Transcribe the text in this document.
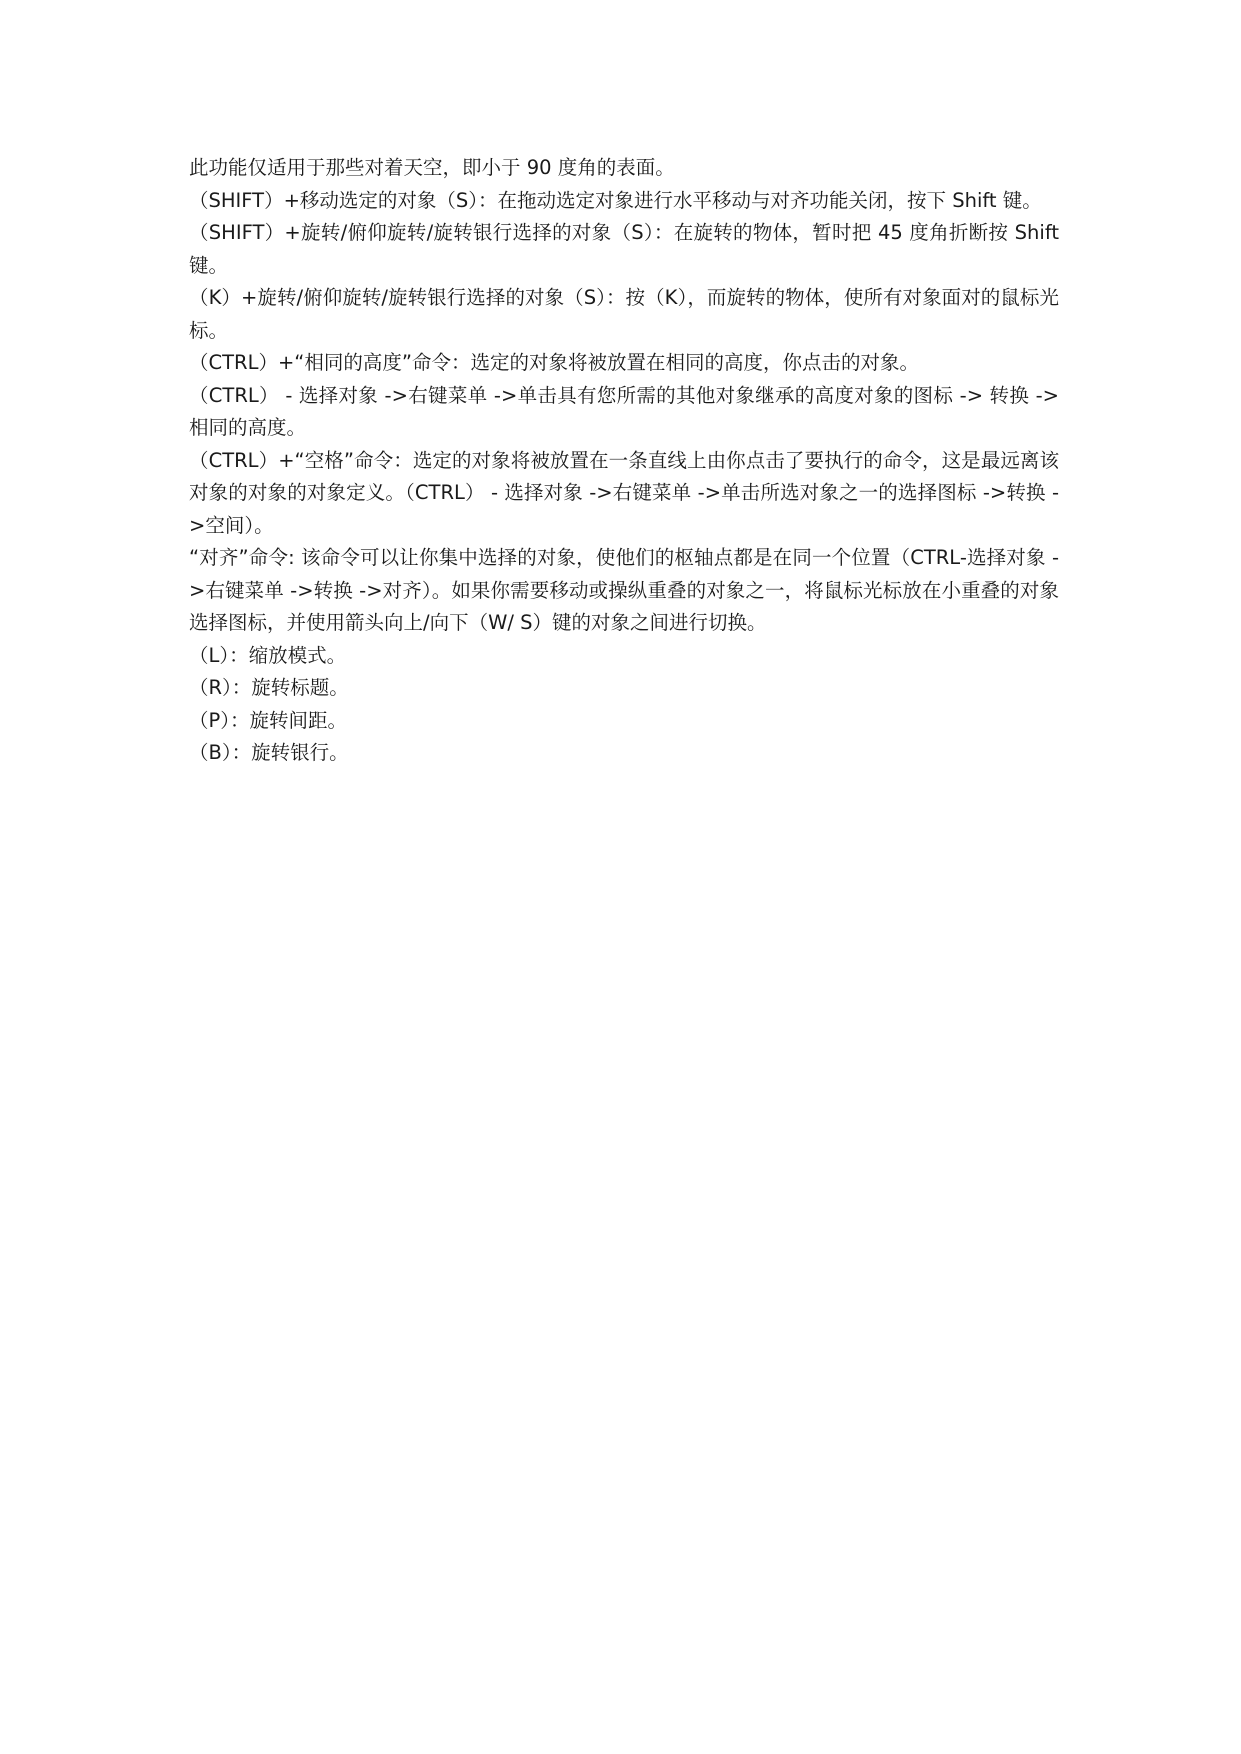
此功能仅适用于那些对着天空，即小于 90 度角的表面。

（SHIFT）+移动选定的对象（S）：在拖动选定对象进行水平移动与对齐功能关闭，按下 Shift 键。

（SHIFT）+旋转/俯仰旋转/旋转银行选择的对象（S）：在旋转的物体，暂时把 45 度角折断按 Shift 键。

（K）+旋转/俯仰旋转/旋转银行选择的对象（S）：按（K），而旋转的物体，使所有对象面对的鼠标光标。

（CTRL）+“相同的高度”命令：选定的对象将被放置在相同的高度，你点击的对象。

（CTRL） - 选择对象 ->右键菜单 ->单击具有您所需的其他对象继承的高度对象的图标 -> 转换 ->相同的高度。

（CTRL）+“空格”命令：选定的对象将被放置在一条直线上由你点击了要执行的命令，这是最远离该对象的对象的对象定义。（CTRL） - 选择对象 ->右键菜单 ->单击所选对象之一的选择图标 ->转换 ->空间）。

“对齐”命令: 该命令可以让你集中选择的对象，使他们的枢轴点都是在同一个位置（CTRL-选择对象 ->右键菜单 ->转换 ->对齐）。如果你需要移动或操纵重叠的对象之一，将鼠标光标放在小重叠的对象选择图标，并使用箭头向上/向下（W/ S）键的对象之间进行切换。

（L）：缩放模式。

（R）：旋转标题。

（P）：旋转间距。

（B）：旋转银行。
